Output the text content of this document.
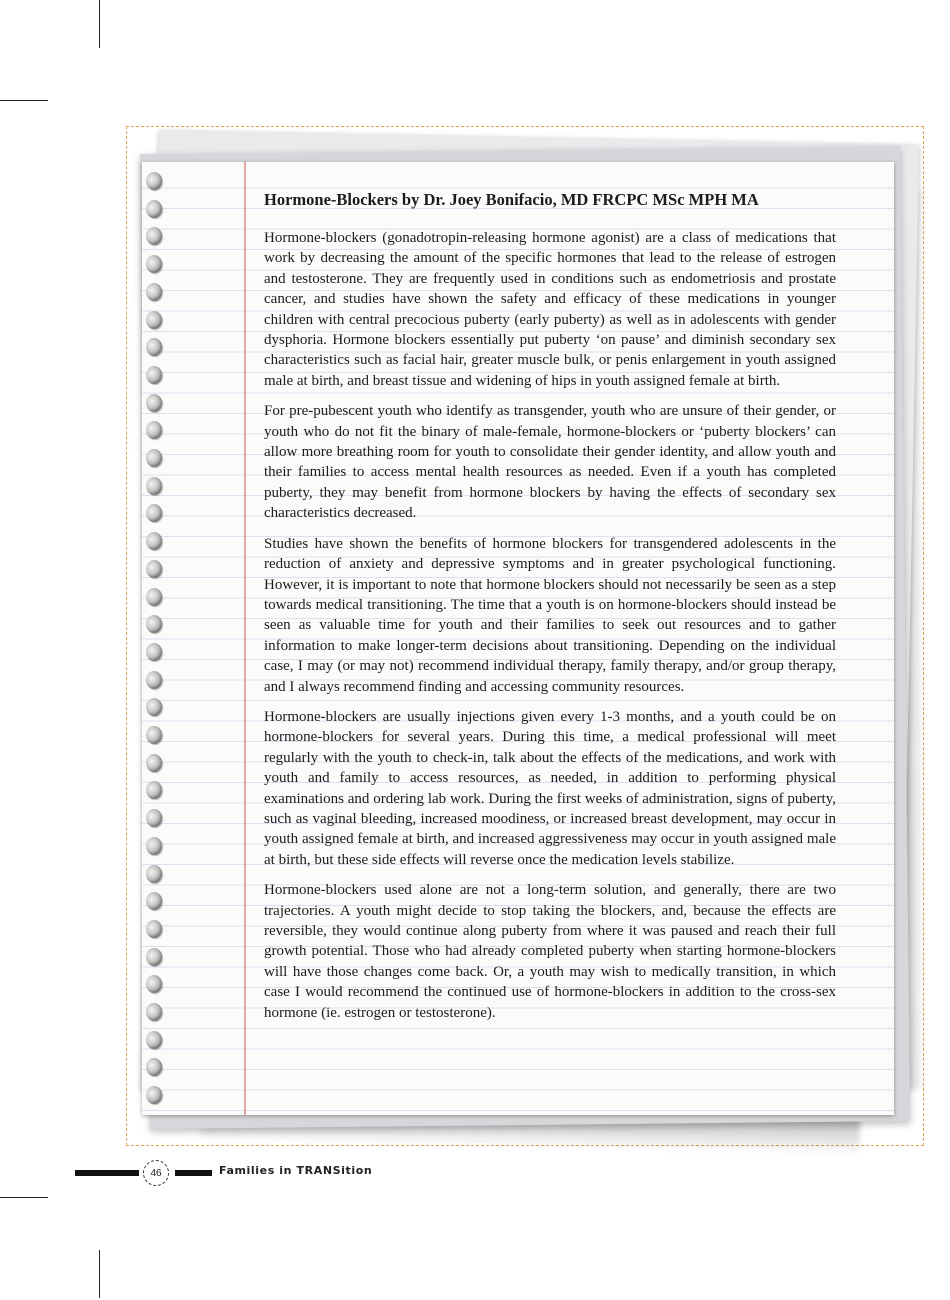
Hormone-Blockers by Dr. Joey Bonifacio, MD FRCPC MSc MPH MA

Hormone-blockers (gonadotropin-releasing hormone agonist) are a class of medications that work by decreasing the amount of the specific hormones that lead to the release of estrogen and testosterone. They are frequently used in conditions such as endometriosis and prostate cancer, and studies have shown the safety and efficacy of these medications in younger children with central precocious puberty (early puberty) as well as in adolescents with gender dysphoria. Hormone blockers essentially put puberty ‘on pause’ and diminish secondary sex characteristics such as facial hair, greater muscle bulk, or penis enlargement in youth assigned male at birth, and breast tissue and widening of hips in youth assigned female at birth.

For pre-pubescent youth who identify as transgender, youth who are unsure of their gender, or youth who do not fit the binary of male-female, hormone-blockers or ‘puberty blockers’ can allow more breathing room for youth to consolidate their gender identity, and allow youth and their families to access mental health resources as needed. Even if a youth has completed puberty, they may benefit from hormone blockers by having the effects of secondary sex characteristics decreased.

Studies have shown the benefits of hormone blockers for transgendered adolescents in the reduction of anxiety and depressive symptoms and in greater psychological functioning. However, it is important to note that hormone blockers should not necessarily be seen as a step towards medical transitioning. The time that a youth is on hormone-blockers should instead be seen as valuable time for youth and their families to seek out resources and to gather information to make longer-term decisions about transitioning. Depending on the individual case, I may (or may not) recommend individual therapy, family therapy, and/or group therapy, and I always recommend finding and accessing community resources.

Hormone-blockers are usually injections given every 1-3 months, and a youth could be on hormone-blockers for several years. During this time, a medical professional will meet regularly with the youth to check-in, talk about the effects of the medications, and work with youth and family to access resources, as needed, in addition to performing physical examinations and ordering lab work. During the first weeks of administration, signs of puberty, such as vaginal bleeding, increased moodiness, or increased breast development, may occur in youth assigned female at birth, and increased aggressiveness may occur in youth assigned male at birth, but these side effects will reverse once the medication levels stabilize.

Hormone-blockers used alone are not a long-term solution, and generally, there are two trajectories. A youth might decide to stop taking the blockers, and, because the effects are reversible, they would continue along puberty from where it was paused and reach their full growth potential. Those who had already completed puberty when starting hormone-blockers will have those changes come back. Or, a youth may wish to medically transition, in which case I would recommend the continued use of hormone-blockers in addition to the cross-sex hormone (ie. estrogen or testosterone).

46	Families in TRANSition
